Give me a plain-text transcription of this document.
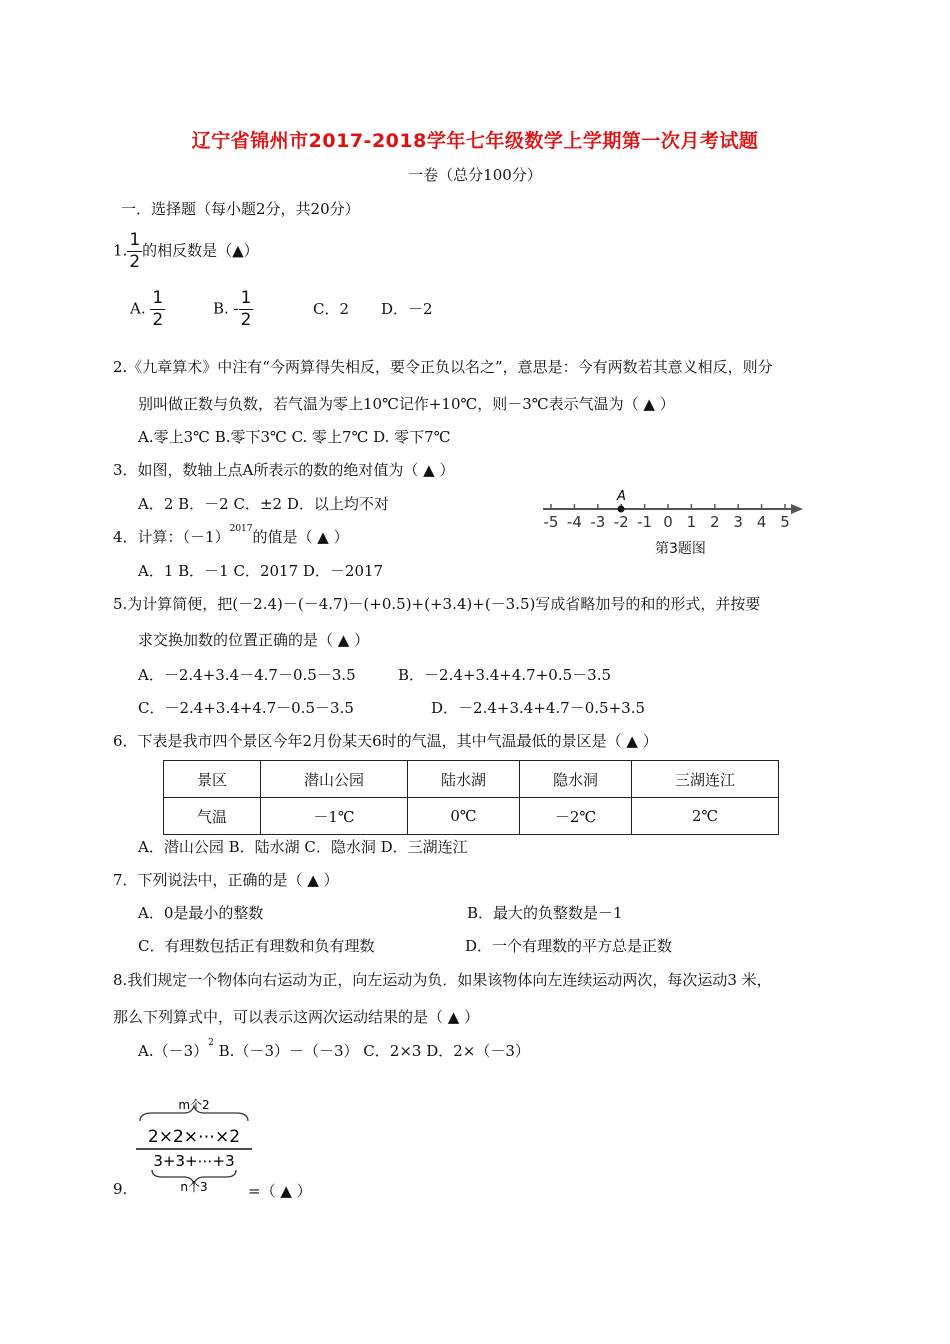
辽宁省锦州市2017-2018学年七年级数学上学期第一次月考试题
一卷（总分100分）
一．选择题（每小题2分，共20分）
1. $\frac{1}{2}$ 的相反数是（▲）
A. $\frac{1}{2}$	B. - $\frac{1}{2}$	C．2 D．－2
2.《九章算术》中注有“今两算得失相反，要令正负以名之”，意思是：今有两数若其意义相反，则分
别叫做正数与负数，若气温为零上10℃记作+10℃，则－3℃表示气温为（ ▲ ）
A.零上3℃ B.零下3℃ C. 零上7℃ D. 零下7℃
3．如图，数轴上点A所表示的数的绝对值为（ ▲ ）
A．2 B．－2 C．±2 D．以上均不对	A
-5 -4 -3 -2 -1 0 1 2 3 4 5
第3题图
4．计算：$(-1)^{2017}$的值是（ ▲ ）
A．1 B．－1 C．2017 D．－2017
5.为计算简便，把(－2.4)－(－4.7)－(+0.5)+(+3.4)+(－3.5)写成省略加号的和的形式，并按要
求交换加数的位置正确的是（ ▲ ）
A．－2.4+3.4－4.7－0.5－3.5	B．－2.4+3.4+4.7+0.5－3.5
C．－2.4+3.4+4.7－0.5－3.5	D．－2.4+3.4+4.7－0.5+3.5
6．下表是我市四个景区今年2月份某天6时的气温，其中气温最低的景区是（ ▲ ）
景区	潜山公园	陆水湖	隐水洞	三湖连江
气温	－1℃	0℃	－2℃	2℃
A．潜山公园 B．陆水湖 C．隐水洞 D．三湖连江
7．下列说法中，正确的是（ ▲ ）
A．0是最小的整数	B．最大的负整数是－1
C．有理数包括正有理数和负有理数	D．一个有理数的平方总是正数
8.我们规定一个物体向右运动为正，向左运动为负．如果该物体向左连续运动两次，每次运动3 米，
那么下列算式中，可以表示这两次运动结果的是（ ▲ ）
$A.(-3)^2$ B.（－3）－（－3） C．2×3 D．2×（－3）
9.
m个2
2×2×⋯×2
3+3+⋯+3
n个3	=（ ▲ ）
